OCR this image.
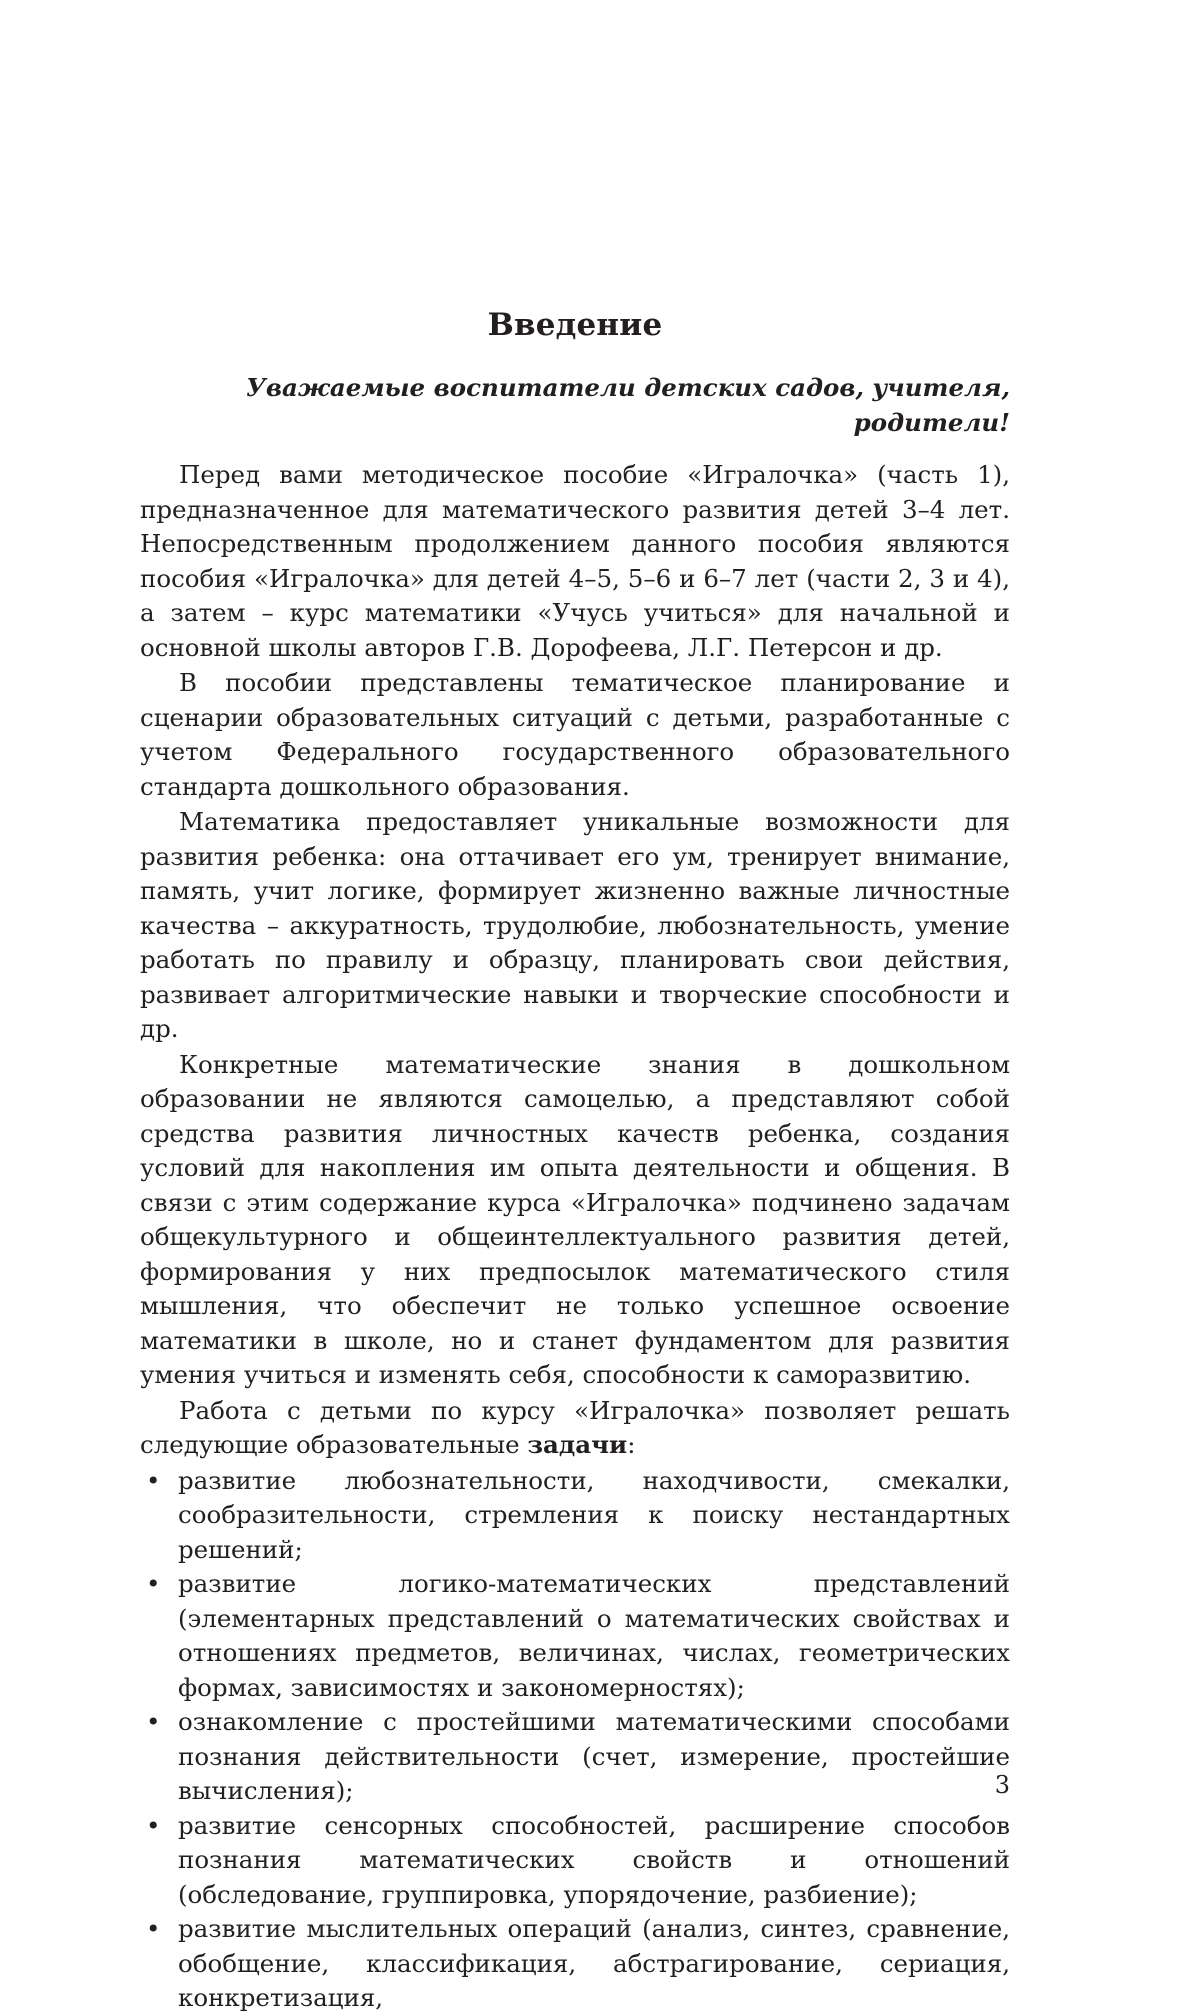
Введение

Уважаемые воспитатели детских садов, учителя, родители!

Перед вами методическое пособие «Игралочка» (часть 1), предназначенное для математического развития детей 3–4 лет. Непосредственным продолжением данного пособия являются пособия «Игралочка» для детей 4–5, 5–6 и 6–7 лет (части 2, 3 и 4), а затем – курс математики «Учусь учиться» для начальной и основной школы авторов Г.В. Дорофеева, Л.Г. Петерсон и др.

В пособии представлены тематическое планирование и сценарии образовательных ситуаций с детьми, разработанные с учетом Федерального государственного образовательного стандарта дошкольного образования.

Математика предоставляет уникальные возможности для развития ребенка: она оттачивает его ум, тренирует внимание, память, учит логике, формирует жизненно важные личностные качества – аккуратность, трудолюбие, любознательность, умение работать по правилу и образцу, планировать свои действия, развивает алгоритмические навыки и творческие способности и др.

Конкретные математические знания в дошкольном образовании не являются самоцелью, а представляют собой средства развития личностных качеств ребенка, создания условий для накопления им опыта деятельности и общения. В связи с этим содержание курса «Игралочка» подчинено задачам общекультурного и общеинтеллектуального развития детей, формирования у них предпосылок математического стиля мышления, что обеспечит не только успешное освоение математики в школе, но и станет фундаментом для развития умения учиться и изменять себя, способности к саморазвитию.

Работа с детьми по курсу «Игралочка» позволяет решать следующие образовательные задачи:

• развитие любознательности, находчивости, смекалки, сообразительности, стремления к поиску нестандартных решений;
• развитие логико-математических представлений (элементарных представлений о математических свойствах и отношениях предметов, величинах, числах, геометрических формах, зависимостях и закономерностях);
• ознакомление с простейшими математическими способами познания действительности (счет, измерение, простейшие вычисления);
• развитие сенсорных способностей, расширение способов познания математических свойств и отношений (обследование, группировка, упорядочение, разбиение);
• развитие мыслительных операций (анализ, синтез, сравнение, обобщение, классификация, абстрагирование, сериация, конкретизация,
3
